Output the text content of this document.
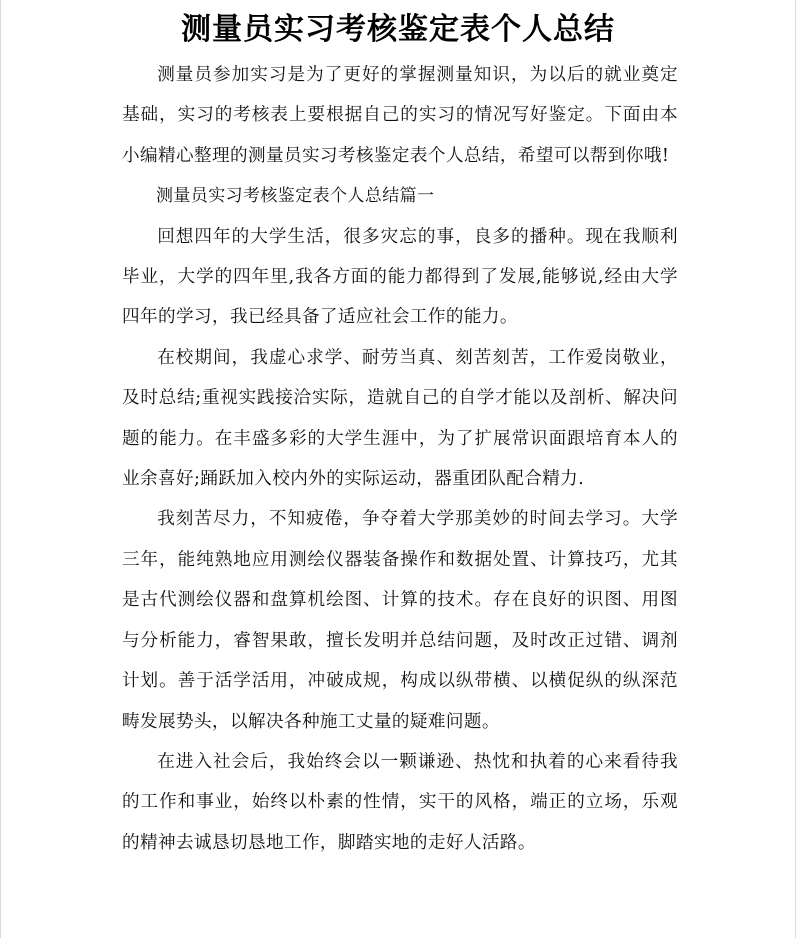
测量员实习考核鉴定表个人总结

测量员参加实习是为了更好的掌握测量知识，为以后的就业奠定基础，实习的考核表上要根据自己的实习的情况写好鉴定。下面由本小编精心整理的测量员实习考核鉴定表个人总结，希望可以帮到你哦!

测量员实习考核鉴定表个人总结篇一

回想四年的大学生活，很多灾忘的事，良多的播种。现在我顺利毕业，大学的四年里,我各方面的能力都得到了发展,能够说,经由大学四年的学习，我已经具备了适应社会工作的能力。

在校期间，我虚心求学、耐劳当真、刻苦刻苦，工作爱岗敬业，及时总结;重视实践接洽实际，造就自己的自学才能以及剖析、解决问题的能力。在丰盛多彩的大学生涯中，为了扩展常识面跟培育本人的业余喜好;踊跃加入校内外的实际运动，器重团队配合精力.

我刻苦尽力，不知疲倦，争夺着大学那美妙的时间去学习。大学三年，能纯熟地应用测绘仪器装备操作和数据处置、计算技巧，尤其是古代测绘仪器和盘算机绘图、计算的技术。存在良好的识图、用图与分析能力，睿智果敢，擅长发明并总结问题，及时改正过错、调剂计划。善于活学活用，冲破成规，构成以纵带横、以横促纵的纵深范畴发展势头，以解决各种施工丈量的疑难问题。

在进入社会后，我始终会以一颗谦逊、热忱和执着的心来看待我的工作和事业，始终以朴素的性情，实干的风格，端正的立场，乐观的精神去诚恳切恳地工作，脚踏实地的走好人活路。
